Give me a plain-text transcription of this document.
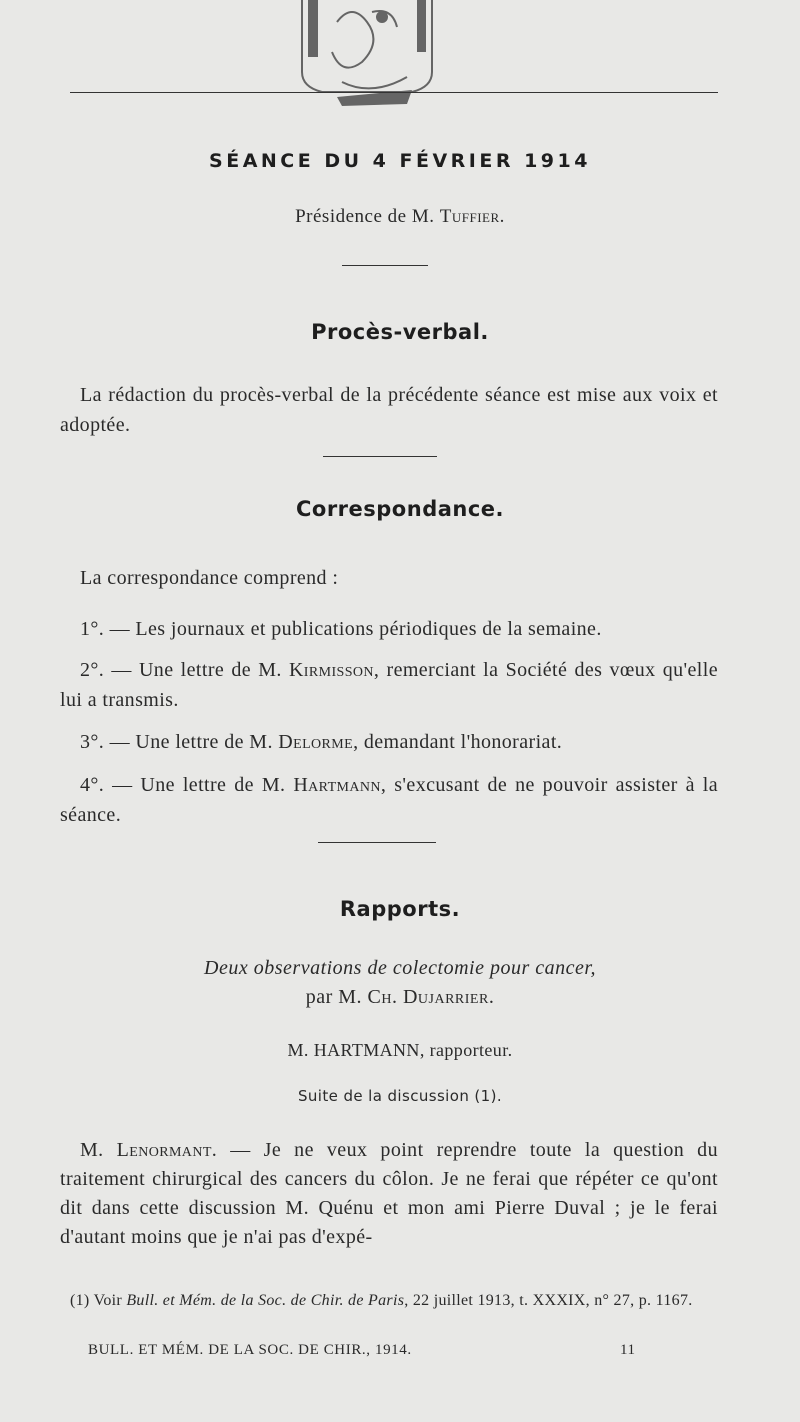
SÉANCE DU 4 FÉVRIER 1914
Présidence de M. Tuffier.
Procès-verbal.
La rédaction du procès-verbal de la précédente séance est mise aux voix et adoptée.
Correspondance.
La correspondance comprend :
1°. — Les journaux et publications périodiques de la semaine.
2°. — Une lettre de M. Kirmisson, remerciant la Société des vœux qu'elle lui a transmis.
3°. — Une lettre de M. Delorme, demandant l'honorariat.
4°. — Une lettre de M. Hartmann, s'excusant de ne pouvoir assister à la séance.
Rapports.
Deux observations de colectomie pour cancer,
par M. Ch. Dujarrier.
M. HARTMANN, rapporteur.
Suite de la discussion (1).
M. Lenormant. — Je ne veux point reprendre toute la question du traitement chirurgical des cancers du côlon. Je ne ferai que répéter ce qu'ont dit dans cette discussion M. Quénu et mon ami Pierre Duval ; je le ferai d'autant moins que je n'ai pas d'expé-
(1) Voir Bull. et Mém. de la Soc. de Chir. de Paris, 22 juillet 1913, t. XXXIX, n° 27, p. 1167.
BULL. ET MÉM. DE LA SOC. DE CHIR., 1914.	11
